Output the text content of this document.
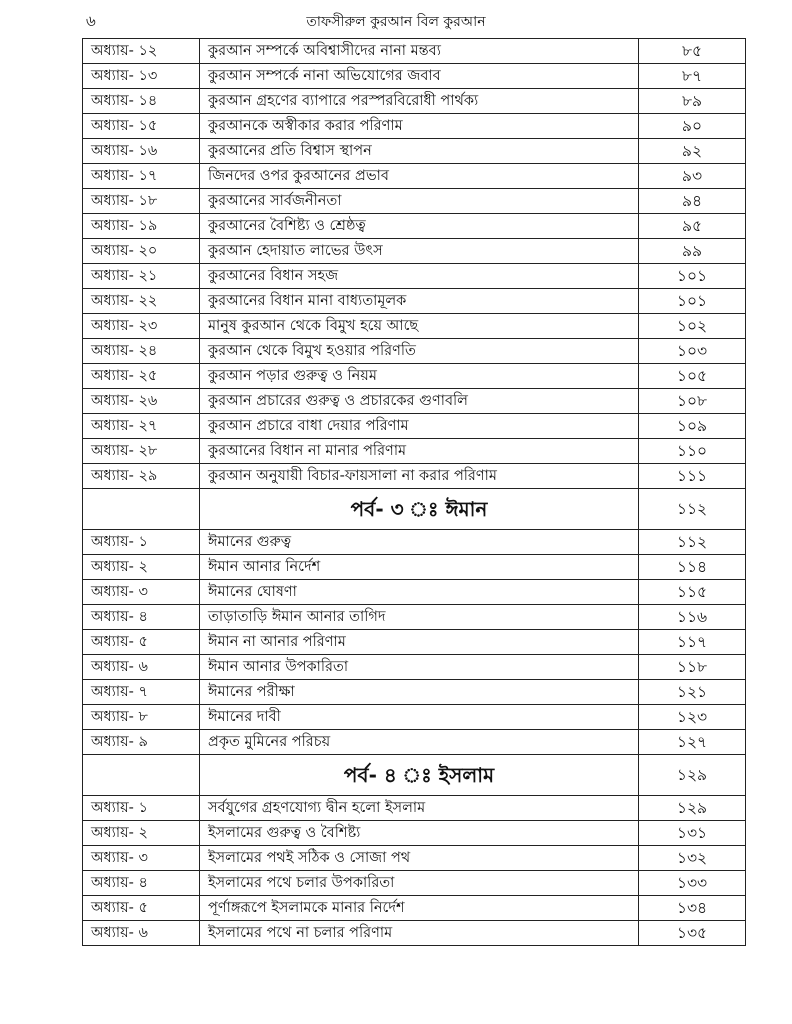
৬	তাফসীরুল কুরআন বিল কুরআন
অধ্যায়- ১২	কুরআন সম্পর্কে অবিশ্বাসীদের নানা মন্তব্য	৮৫
অধ্যায়- ১৩	কুরআন সম্পর্কে নানা অভিযোগের জবাব	৮৭
অধ্যায়- ১৪	কুরআন গ্রহণের ব্যাপারে পরস্পরবিরোধী পার্থক্য	৮৯
অধ্যায়- ১৫	কুরআনকে অস্বীকার করার পরিণাম	৯০
অধ্যায়- ১৬	কুরআনের প্রতি বিশ্বাস স্থাপন	৯২
অধ্যায়- ১৭	জিনদের ওপর কুরআনের প্রভাব	৯৩
অধ্যায়- ১৮	কুরআনের সার্বজনীনতা	৯৪
অধ্যায়- ১৯	কুরআনের বৈশিষ্ট্য ও শ্রেষ্ঠত্ব	৯৫
অধ্যায়- ২০	কুরআন হেদায়াত লাভের উৎস	৯৯
অধ্যায়- ২১	কুরআনের বিধান সহজ	১০১
অধ্যায়- ২২	কুরআনের বিধান মানা বাধ্যতামূলক	১০১
অধ্যায়- ২৩	মানুষ কুরআন থেকে বিমুখ হয়ে আছে	১০২
অধ্যায়- ২৪	কুরআন থেকে বিমুখ হওয়ার পরিণতি	১০৩
অধ্যায়- ২৫	কুরআন পড়ার গুরুত্ব ও নিয়ম	১০৫
অধ্যায়- ২৬	কুরআন প্রচারের গুরুত্ব ও প্রচারকের গুণাবলি	১০৮
অধ্যায়- ২৭	কুরআন প্রচারে বাধা দেয়ার পরিণাম	১০৯
অধ্যায়- ২৮	কুরআনের বিধান না মানার পরিণাম	১১০
অধ্যায়- ২৯	কুরআন অনুযায়ী বিচার-ফায়সালা না করার পরিণাম	১১১
	পর্ব- ৩ ঃ ঈমান	১১২
অধ্যায়- ১	ঈমানের গুরুত্ব	১১২
অধ্যায়- ২	ঈমান আনার নির্দেশ	১১৪
অধ্যায়- ৩	ঈমানের ঘোষণা	১১৫
অধ্যায়- ৪	তাড়াতাড়ি ঈমান আনার তাগিদ	১১৬
অধ্যায়- ৫	ঈমান না আনার পরিণাম	১১৭
অধ্যায়- ৬	ঈমান আনার উপকারিতা	১১৮
অধ্যায়- ৭	ঈমানের পরীক্ষা	১২১
অধ্যায়- ৮	ঈমানের দাবী	১২৩
অধ্যায়- ৯	প্রকৃত মুমিনের পরিচয়	১২৭
	পর্ব- ৪ ঃ ইসলাম	১২৯
অধ্যায়- ১	সর্বযুগের গ্রহণযোগ্য দ্বীন হলো ইসলাম	১২৯
অধ্যায়- ২	ইসলামের গুরুত্ব ও বৈশিষ্ট্য	১৩১
অধ্যায়- ৩	ইসলামের পথই সঠিক ও সোজা পথ	১৩২
অধ্যায়- ৪	ইসলামের পথে চলার উপকারিতা	১৩৩
অধ্যায়- ৫	পূর্ণাঙ্গরূপে ইসলামকে মানার নির্দেশ	১৩৪
অধ্যায়- ৬	ইসলামের পথে না চলার পরিণাম	১৩৫
